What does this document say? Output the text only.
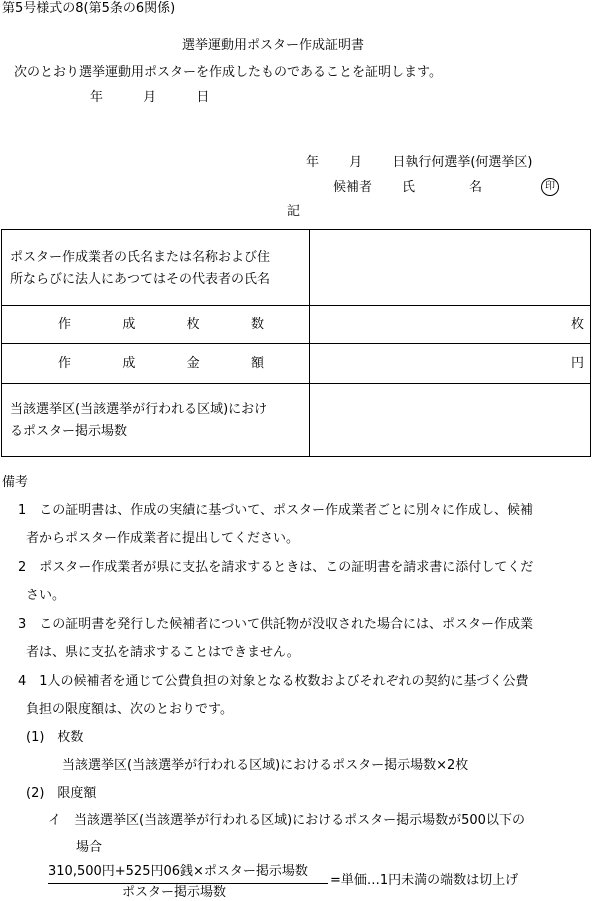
第5号様式の8(第5条の6関係)
選挙運動用ポスター作成証明書
次のとおり選挙運動用ポスターを作成したものであることを証明します。
年	月	日
年 月 日執行何選挙(何選挙区)
候補者 氏	名	印
記
ポスター作成業者の氏名または名称および住
所ならびに法人にあつてはその代表者の氏名	

作 成 枚 数	枚

作 成 金 額	円

当該選挙区(当該選挙が行われる区域)におけ
るポスター掲示場数	

備考
1　この証明書は、作成の実績に基づいて、ポスター作成業者ごとに別々に作成し、候補
者からポスター作成業者に提出してください。
2　ポスター作成業者が県に支払を請求するときは、この証明書を請求書に添付してくだ
さい。
3　この証明書を発行した候補者について供託物が没収された場合には、ポスター作成業
者は、県に支払を請求することはできません。
4　1人の候補者を通じて公費負担の対象となる枚数およびそれぞれの契約に基づく公費
負担の限度額は、次のとおりです。
(1)　枚数
当該選挙区(当該選挙が行われる区域)におけるポスター掲示場数×2枚
(2)　限度額
イ　当該選挙区(当該選挙が行われる区域)におけるポスター掲示場数が500以下の
場合
310,500円+525円06銭×ポスター掲示場数
ポスター掲示場数
=単価…1円未満の端数は切上げ
